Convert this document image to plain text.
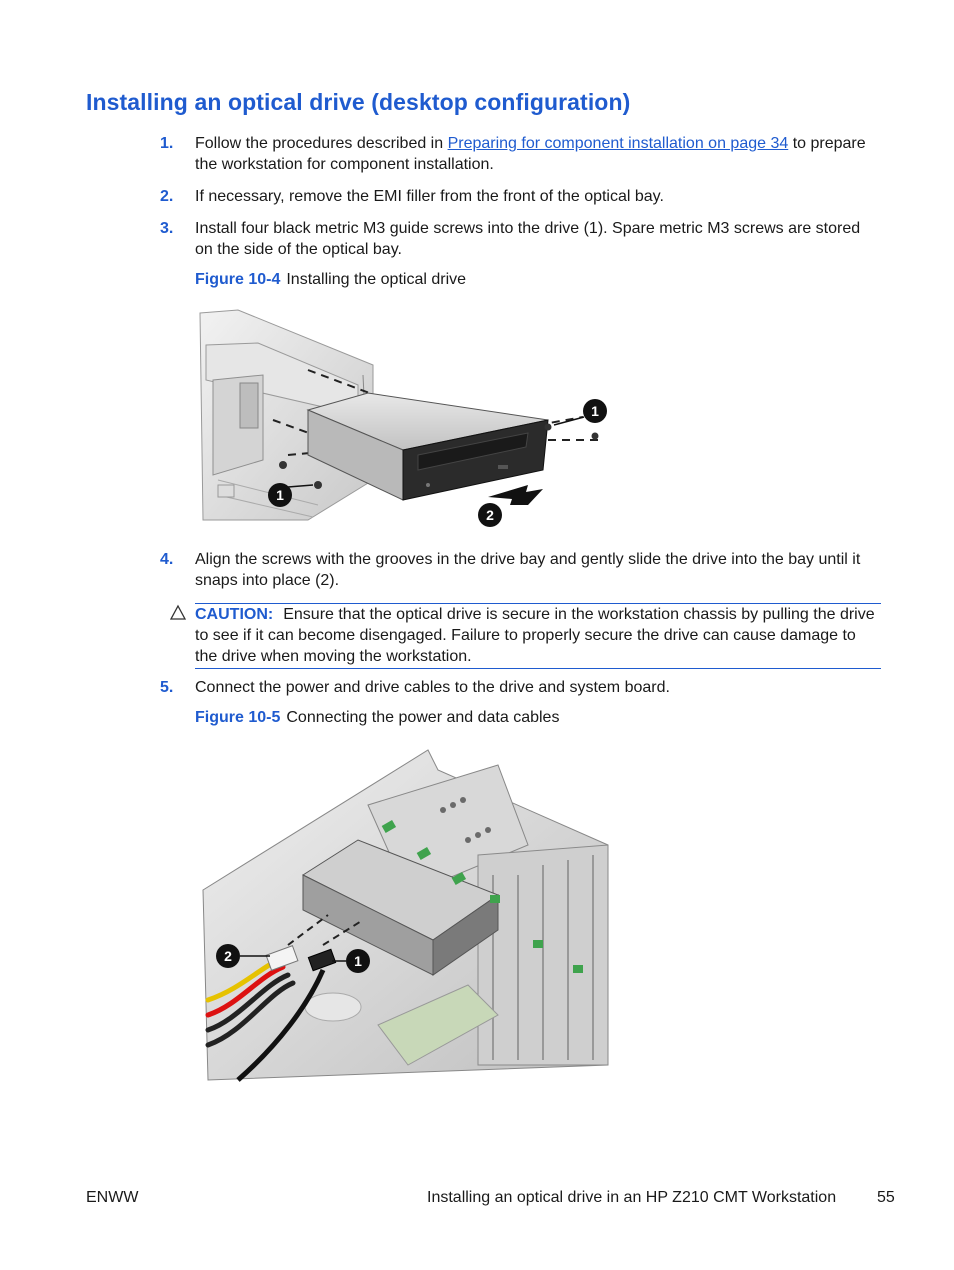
Installing an optical drive (desktop configuration)
1.	Follow the procedures described in Preparing for component installation on page 34 to prepare the workstation for component installation.
2.	If necessary, remove the EMI filler from the front of the optical bay.
3.	Install four black metric M3 guide screws into the drive (1). Spare metric M3 screws are stored on the side of the optical bay.
Figure 10-4 Installing the optical drive
1
1
2
4.	Align the screws with the grooves in the drive bay and gently slide the drive into the bay until it snaps into place (2).
CAUTION: Ensure that the optical drive is secure in the workstation chassis by pulling the drive to see if it can become disengaged. Failure to properly secure the drive can cause damage to the drive when moving the workstation.
5.	Connect the power and drive cables to the drive and system board.
Figure 10-5 Connecting the power and data cables
2	1
ENWW	Installing an optical drive in an HP Z210 CMT Workstation	55
